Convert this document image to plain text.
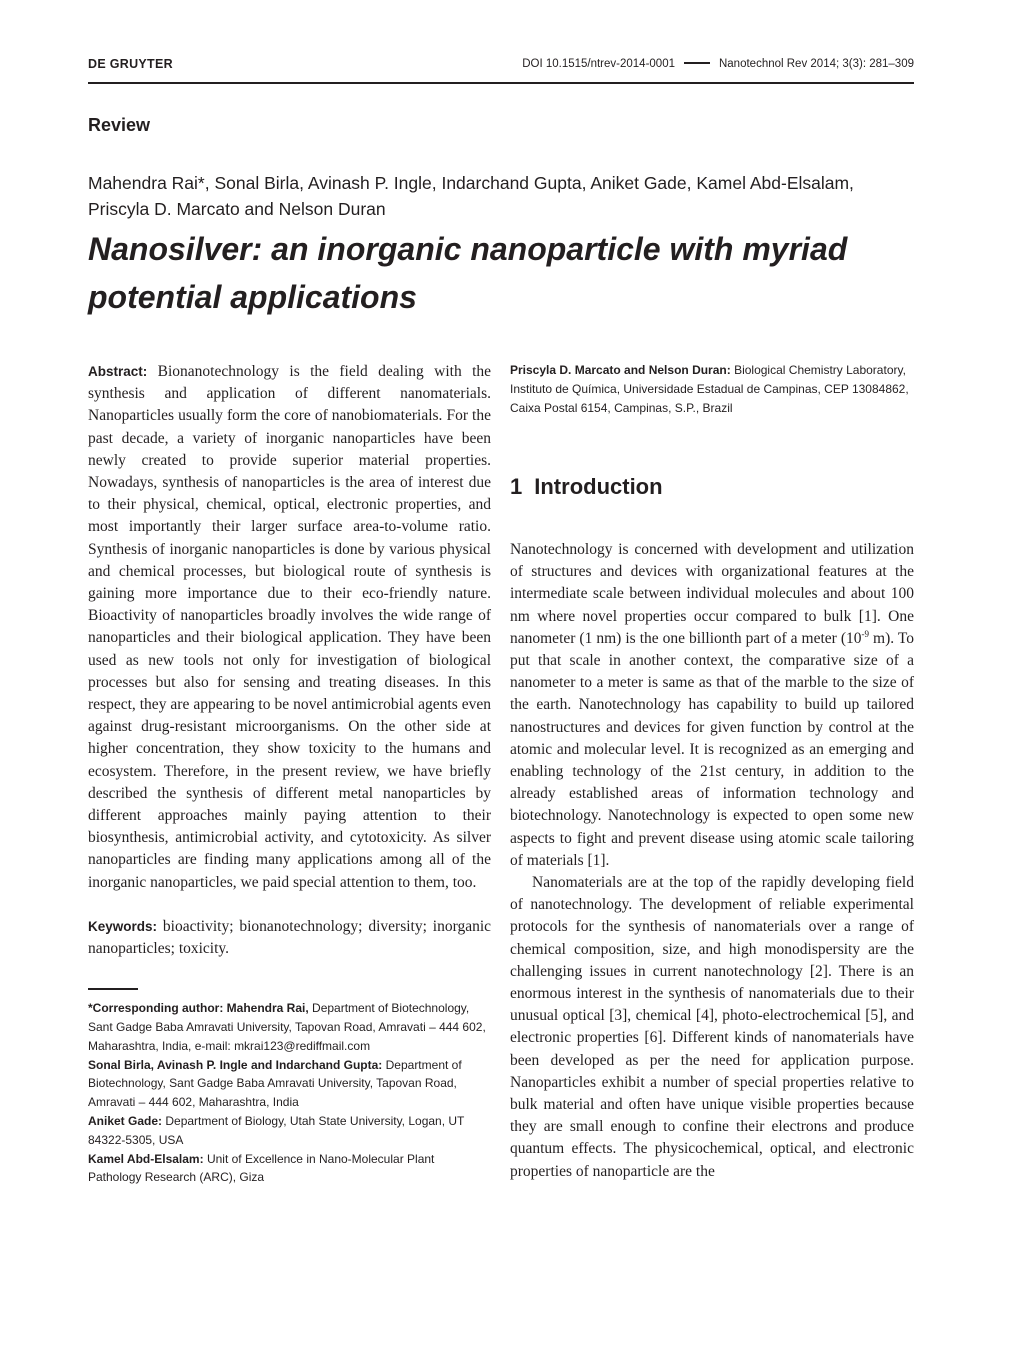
DE GRUYTER	DOI 10.1515/ntrev-2014-0001	Nanotechnol Rev 2014; 3(3): 281–309
Review
Mahendra Rai*, Sonal Birla, Avinash P. Ingle, Indarchand Gupta, Aniket Gade, Kamel Abd-Elsalam, Priscyla D. Marcato and Nelson Duran
Nanosilver: an inorganic nanoparticle with myriad potential applications

Abstract: Bionanotechnology is the field dealing with the synthesis and application of different nanomaterials. Nanoparticles usually form the core of nanobiomaterials. For the past decade, a variety of inorganic nanoparticles have been newly created to provide superior material properties. Nowadays, synthesis of nanoparticles is the area of interest due to their physical, chemical, optical, electronic properties, and most importantly their larger surface area-to-volume ratio. Synthesis of inorganic nanoparticles is done by various physical and chemical processes, but biological route of synthesis is gaining more importance due to their eco-friendly nature. Bioactivity of nanoparticles broadly involves the wide range of nanoparticles and their biological application. They have been used as new tools not only for investigation of biological processes but also for sensing and treating diseases. In this respect, they are appearing to be novel antimicrobial agents even against drug-resistant microorganisms. On the other side at higher concentration, they show toxicity to the humans and ecosystem. Therefore, in the present review, we have briefly described the synthesis of different metal nanoparticles by different approaches mainly paying attention to their biosynthesis, antimicrobial activity, and cytotoxicity. As silver nanoparticles are finding many applications among all of the inorganic nanoparticles, we paid special attention to them, too.

Keywords: bioactivity; bionanotechnology; diversity; inorganic nanoparticles; toxicity.

*Corresponding author: Mahendra Rai, Department of Biotechnology, Sant Gadge Baba Amravati University, Tapovan Road, Amravati – 444 602, Maharashtra, India, e-mail: mkrai123@rediffmail.com

Sonal Birla, Avinash P. Ingle and Indarchand Gupta: Department of Biotechnology, Sant Gadge Baba Amravati University, Tapovan Road, Amravati – 444 602, Maharashtra, India

Aniket Gade: Department of Biology, Utah State University, Logan, UT 84322-5305, USA

Kamel Abd-Elsalam: Unit of Excellence in Nano-Molecular Plant Pathology Research (ARC), Giza

Priscyla D. Marcato and Nelson Duran: Biological Chemistry Laboratory, Instituto de Química, Universidade Estadual de Campinas, CEP 13084862, Caixa Postal 6154, Campinas, S.P., Brazil

1 Introduction

Nanotechnology is concerned with development and utilization of structures and devices with organizational features at the intermediate scale between individual molecules and about 100 nm where novel properties occur compared to bulk [1]. One nanometer (1 nm) is the one billionth part of a meter ($10^{-9}$ m). To put that scale in another context, the comparative size of a nanometer to a meter is same as that of the marble to the size of the earth. Nanotechnology has capability to build up tailored nanostructures and devices for given function by control at the atomic and molecular level. It is recognized as an emerging and enabling technology of the 21st century, in addition to the already established areas of information technology and biotechnology. Nanotechnology is expected to open some new aspects to fight and prevent disease using atomic scale tailoring of materials [1].

Nanomaterials are at the top of the rapidly developing field of nanotechnology. The development of reliable experimental protocols for the synthesis of nanomaterials over a range of chemical composition, size, and high monodispersity are the challenging issues in current nanotechnology [2]. There is an enormous interest in the synthesis of nanomaterials due to their unusual optical [3], chemical [4], photo-electrochemical [5], and electronic properties [6]. Different kinds of nanomaterials have been developed as per the need for application purpose. Nanoparticles exhibit a number of special properties relative to bulk material and often have unique visible properties because they are small enough to confine their electrons and produce quantum effects. The physicochemical, optical, and electronic properties of nanoparticle are the
